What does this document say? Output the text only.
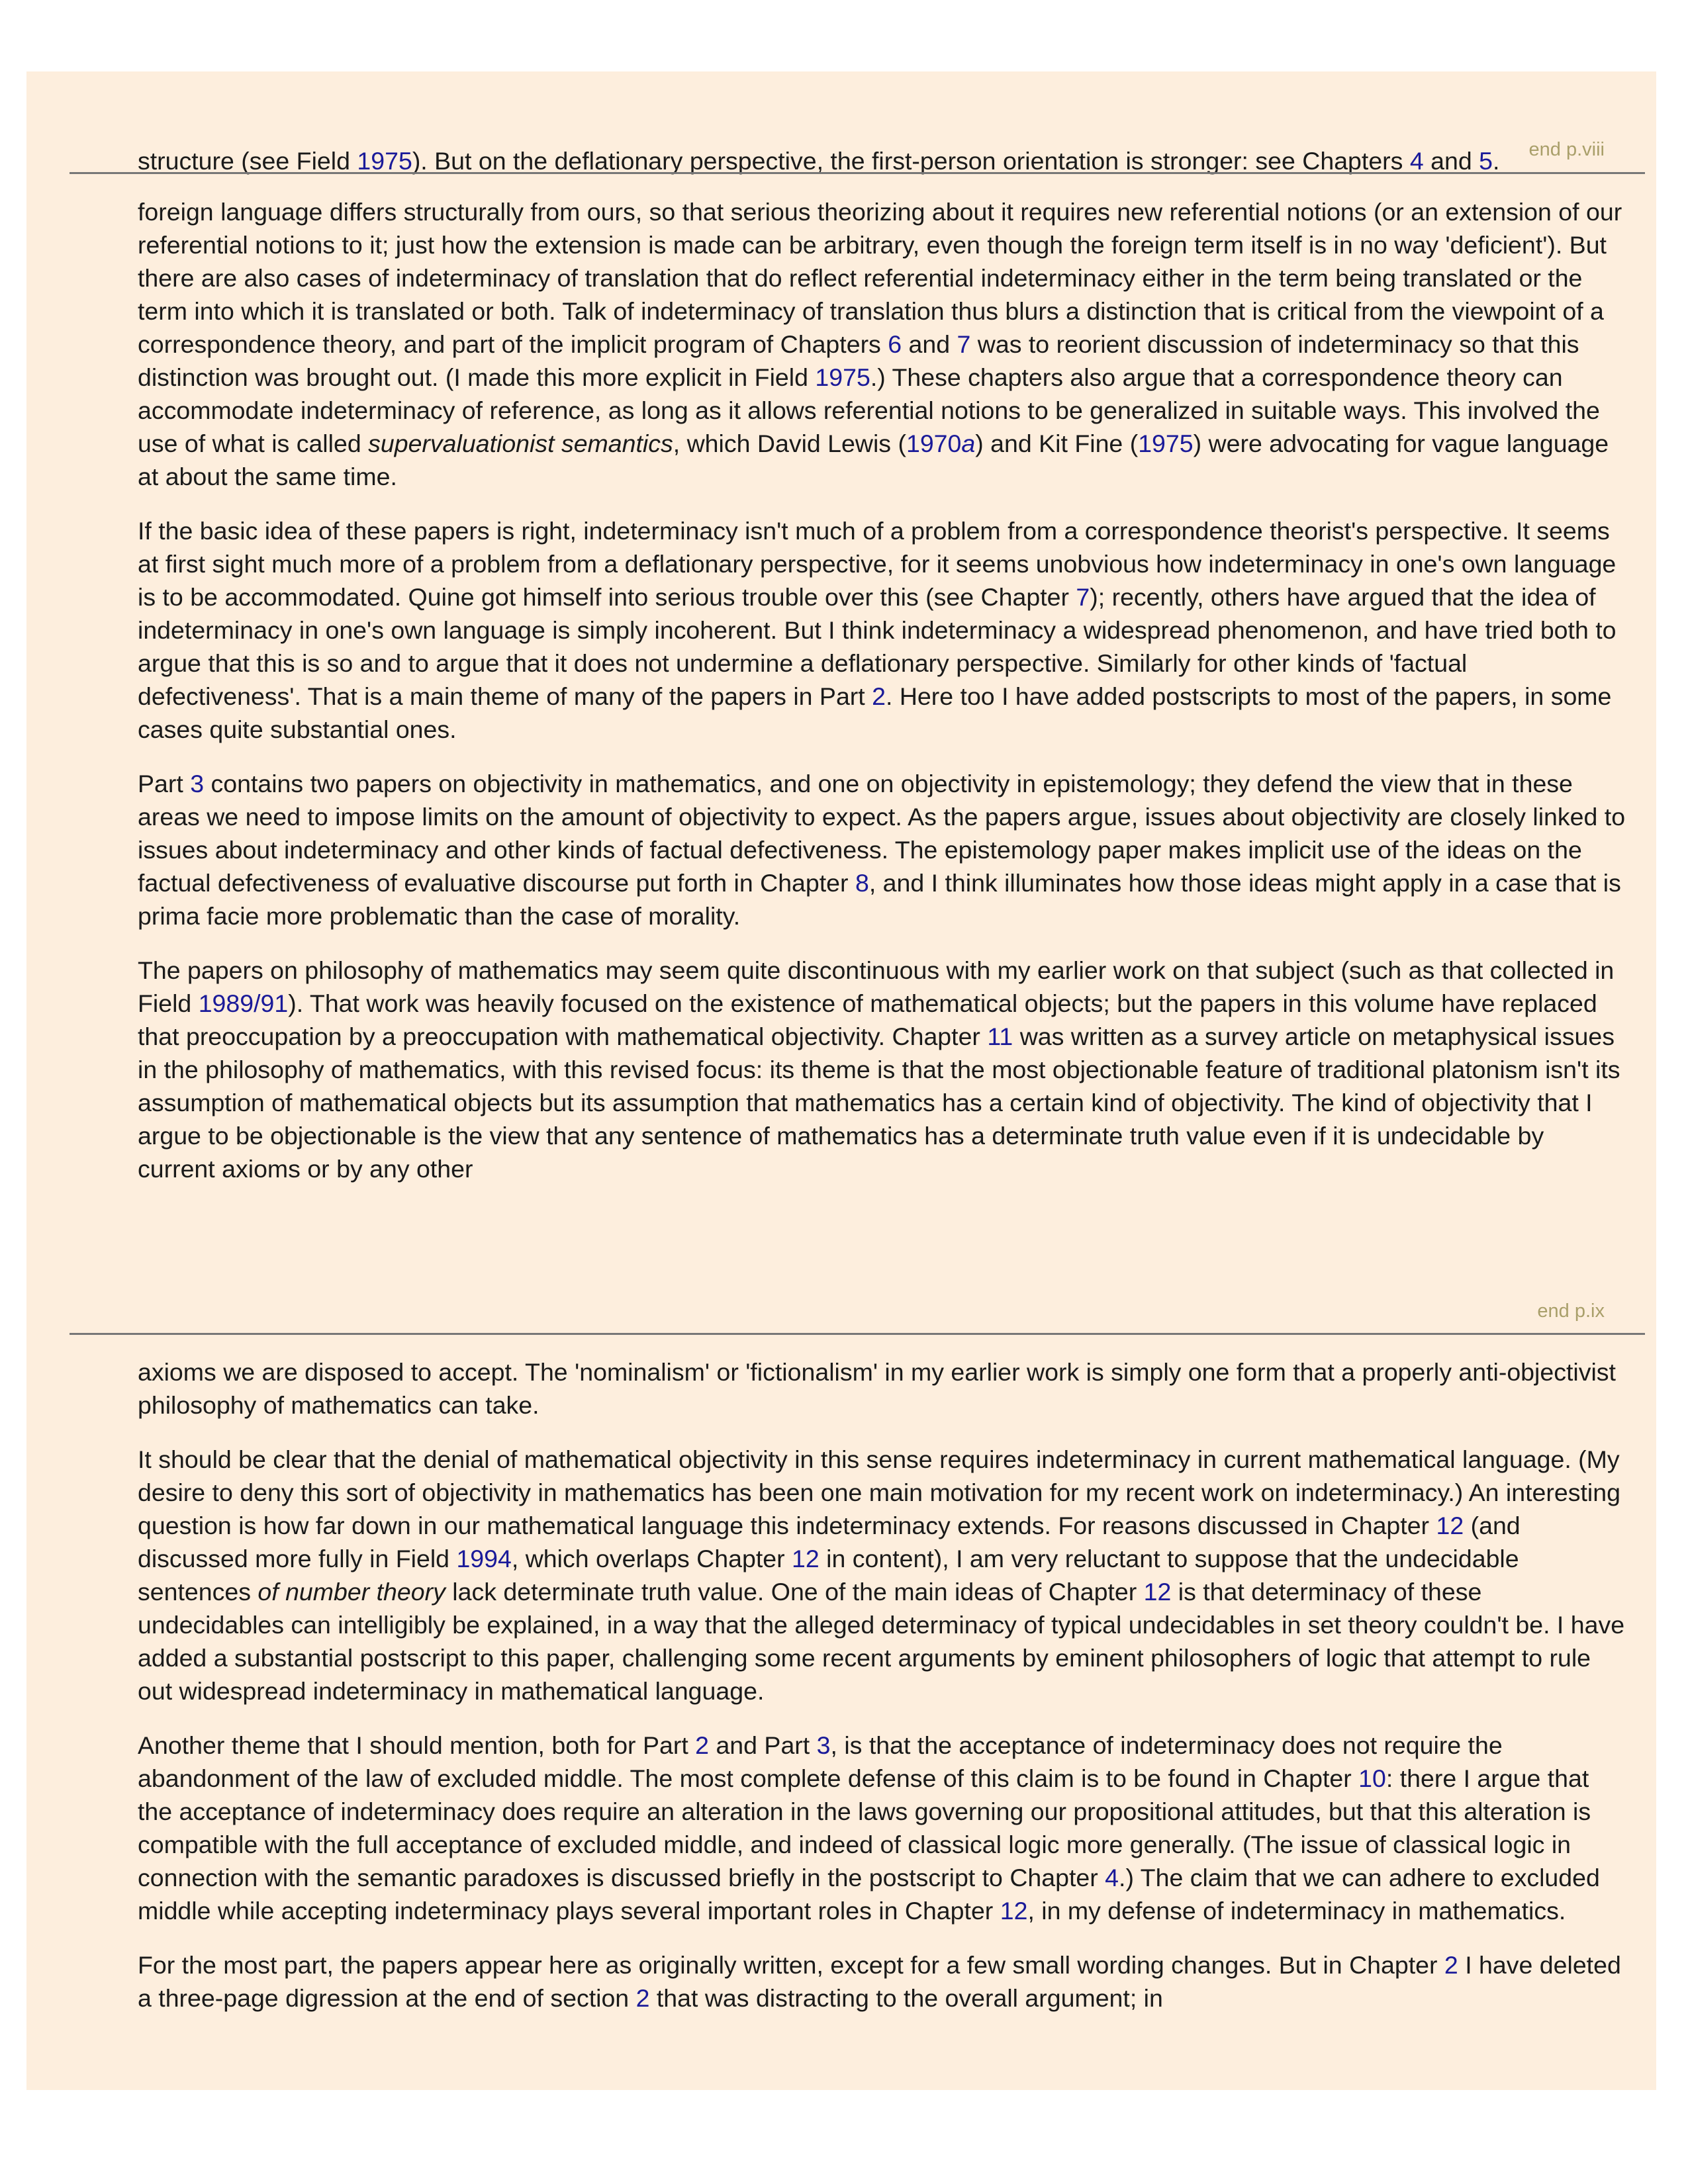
structure (see Field 1975). But on the deflationary perspective, the first-person orientation is stronger: see Chapters 4 and 5.	end p.viii

foreign language differs structurally from ours, so that serious theorizing about it requires new referential notions (or an extension of our referential notions to it; just how the extension is made can be arbitrary, even though the foreign term itself is in no way 'deficient'). But there are also cases of indeterminacy of translation that do reflect referential indeterminacy either in the term being translated or the term into which it is translated or both. Talk of indeterminacy of translation thus blurs a distinction that is critical from the viewpoint of a correspondence theory, and part of the implicit program of Chapters 6 and 7 was to reorient discussion of indeterminacy so that this distinction was brought out. (I made this more explicit in Field 1975.) These chapters also argue that a correspondence theory can accommodate indeterminacy of reference, as long as it allows referential notions to be generalized in suitable ways. This involved the use of what is called supervaluationist semantics, which David Lewis (1970a) and Kit Fine (1975) were advocating for vague language at about the same time.

If the basic idea of these papers is right, indeterminacy isn't much of a problem from a correspondence theorist's perspective. It seems at first sight much more of a problem from a deflationary perspective, for it seems unobvious how indeterminacy in one's own language is to be accommodated. Quine got himself into serious trouble over this (see Chapter 7); recently, others have argued that the idea of indeterminacy in one's own language is simply incoherent. But I think indeterminacy a widespread phenomenon, and have tried both to argue that this is so and to argue that it does not undermine a deflationary perspective. Similarly for other kinds of 'factual defectiveness'. That is a main theme of many of the papers in Part 2. Here too I have added postscripts to most of the papers, in some cases quite substantial ones.

Part 3 contains two papers on objectivity in mathematics, and one on objectivity in epistemology; they defend the view that in these areas we need to impose limits on the amount of objectivity to expect. As the papers argue, issues about objectivity are closely linked to issues about indeterminacy and other kinds of factual defectiveness. The epistemology paper makes implicit use of the ideas on the factual defectiveness of evaluative discourse put forth in Chapter 8, and I think illuminates how those ideas might apply in a case that is prima facie more problematic than the case of morality.

The papers on philosophy of mathematics may seem quite discontinuous with my earlier work on that subject (such as that collected in Field 1989/91). That work was heavily focused on the existence of mathematical objects; but the papers in this volume have replaced that preoccupation by a preoccupation with mathematical objectivity. Chapter 11 was written as a survey article on metaphysical issues in the philosophy of mathematics, with this revised focus: its theme is that the most objectionable feature of traditional platonism isn't its assumption of mathematical objects but its assumption that mathematics has a certain kind of objectivity. The kind of objectivity that I argue to be objectionable is the view that any sentence of mathematics has a determinate truth value even if it is undecidable by current axioms or by any other

end p.ix

axioms we are disposed to accept. The 'nominalism' or 'fictionalism' in my earlier work is simply one form that a properly anti-objectivist philosophy of mathematics can take.

It should be clear that the denial of mathematical objectivity in this sense requires indeterminacy in current mathematical language. (My desire to deny this sort of objectivity in mathematics has been one main motivation for my recent work on indeterminacy.) An interesting question is how far down in our mathematical language this indeterminacy extends. For reasons discussed in Chapter 12 (and discussed more fully in Field 1994, which overlaps Chapter 12 in content), I am very reluctant to suppose that the undecidable sentences of number theory lack determinate truth value. One of the main ideas of Chapter 12 is that determinacy of these undecidables can intelligibly be explained, in a way that the alleged determinacy of typical undecidables in set theory couldn't be. I have added a substantial postscript to this paper, challenging some recent arguments by eminent philosophers of logic that attempt to rule out widespread indeterminacy in mathematical language.

Another theme that I should mention, both for Part 2 and Part 3, is that the acceptance of indeterminacy does not require the abandonment of the law of excluded middle. The most complete defense of this claim is to be found in Chapter 10: there I argue that the acceptance of indeterminacy does require an alteration in the laws governing our propositional attitudes, but that this alteration is compatible with the full acceptance of excluded middle, and indeed of classical logic more generally. (The issue of classical logic in connection with the semantic paradoxes is discussed briefly in the postscript to Chapter 4.) The claim that we can adhere to excluded middle while accepting indeterminacy plays several important roles in Chapter 12, in my defense of indeterminacy in mathematics.

For the most part, the papers appear here as originally written, except for a few small wording changes. But in Chapter 2 I have deleted a three-page digression at the end of section 2 that was distracting to the overall argument; in
